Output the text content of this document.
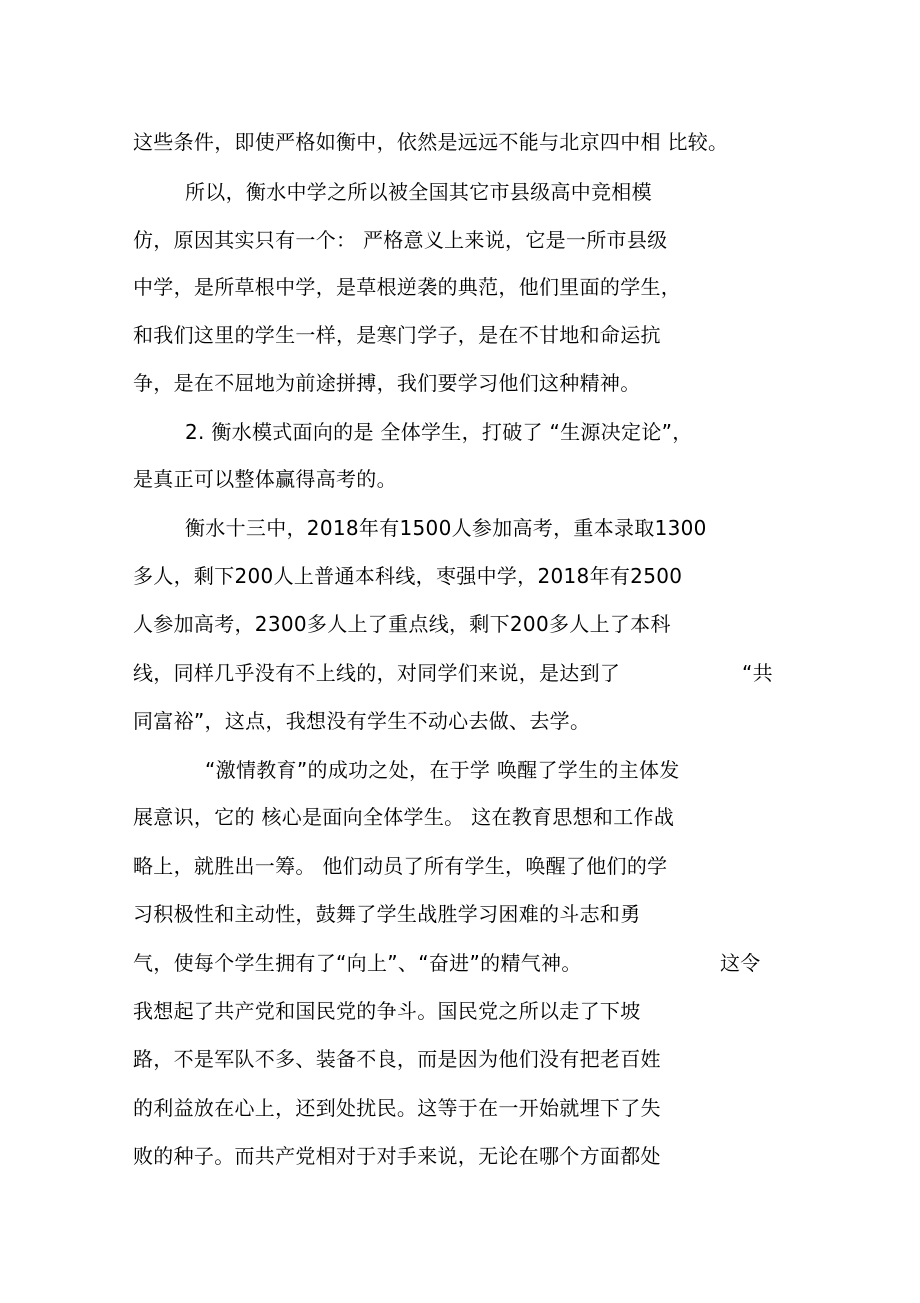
这些条件，即使严格如衡中，依然是远远不能与北京四中相 比较。
所以，衡水中学之所以被全国其它市县级高中竞相模
仿，原因其实只有一个： 严格意义上来说，它是一所市县级
中学，是所草根中学，是草根逆袭的典范，他们里面的学生，
和我们这里的学生一样，是寒门学子，是在不甘地和命运抗
争，是在不屈地为前途拼搏，我们要学习他们这种精神。
2. 衡水模式面向的是 全体学生，打破了 “生源决定论”，
是真正可以整体赢得高考的。
衡水十三中，2018年有1500人参加高考，重本录取1300
多人，剩下200人上普通本科线，枣强中学，2018年有2500
人参加高考，2300多人上了重点线，剩下200多人上了本科
线，同样几乎没有不上线的，对同学们来说，是达到了	“共
同富裕”，这点，我想没有学生不动心去做、去学。
“激情教育”的成功之处，在于学 唤醒了学生的主体发
展意识，它的 核心是面向全体学生。 这在教育思想和工作战
略上，就胜出一筹。 他们动员了所有学生，唤醒了他们的学
习积极性和主动性，鼓舞了学生战胜学习困难的斗志和勇
气，使每个学生拥有了“向上”、“奋进”的精气神。	这令
我想起了共产党和国民党的争斗。国民党之所以走了下坡
路，不是军队不多、装备不良，而是因为他们没有把老百姓
的利益放在心上，还到处扰民。这等于在一开始就埋下了失
败的种子。而共产党相对于对手来说，无论在哪个方面都处
